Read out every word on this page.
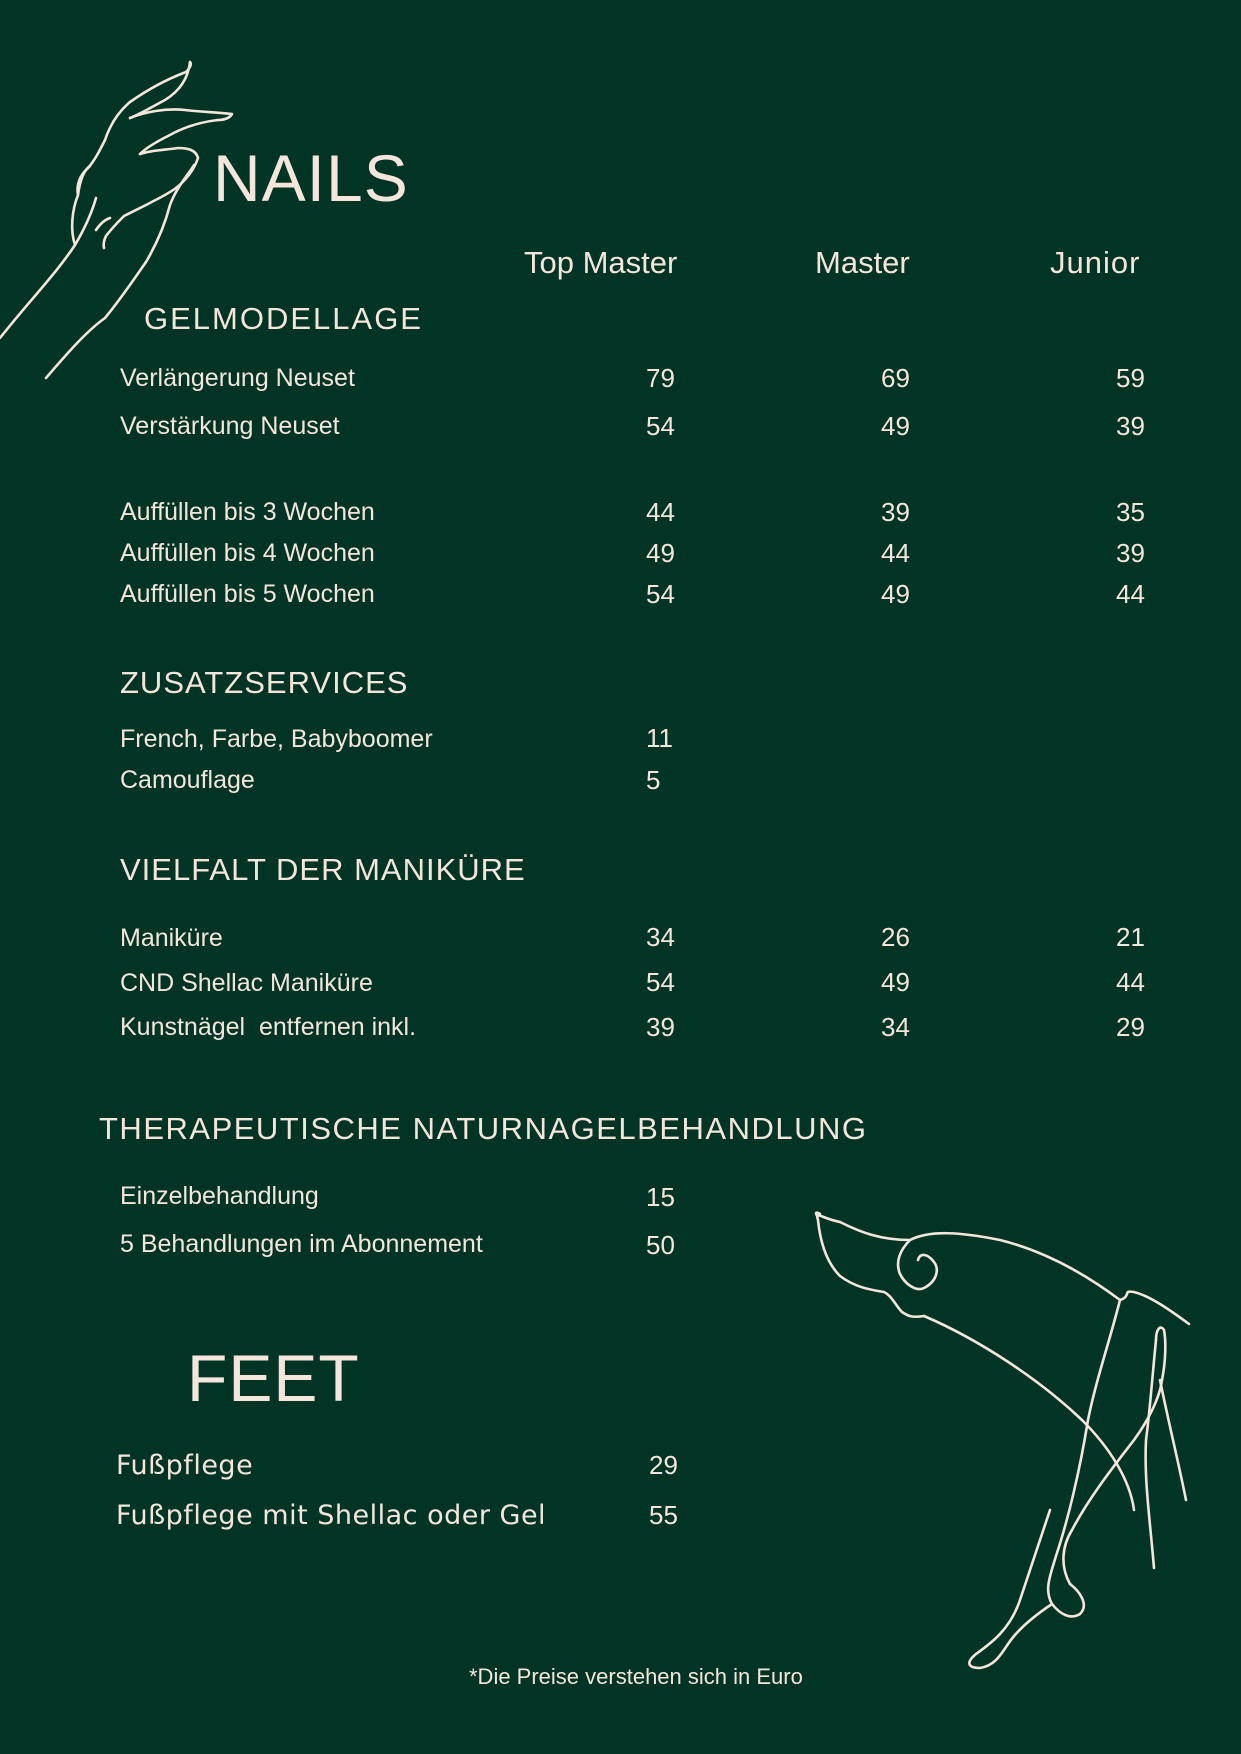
NAILS
Top Master	Master	Junior
GELMODELLAGE
Verlängerung Neuset	79	69	59
Verstärkung Neuset	54	49	39
Auffüllen bis 3 Wochen	44	39	35
Auffüllen bis 4 Wochen	49	44	39
Auffüllen bis 5 Wochen	54	49	44
ZUSATZSERVICES
French, Farbe, Babyboomer	11
Camouflage	5
VIELFALT DER MANIKÜRE
Maniküre	34	26	21
CND Shellac Maniküre	54	49	44
Kunstnägel  entfernen inkl.	39	34	29
THERAPEUTISCHE NATURNAGELBEHANDLUNG
Einzelbehandlung	15
5 Behandlungen im Abonnement	50
FEET
Fußpflege	29
Fußpflege mit Shellac oder Gel	55
*Die Preise verstehen sich in Euro
